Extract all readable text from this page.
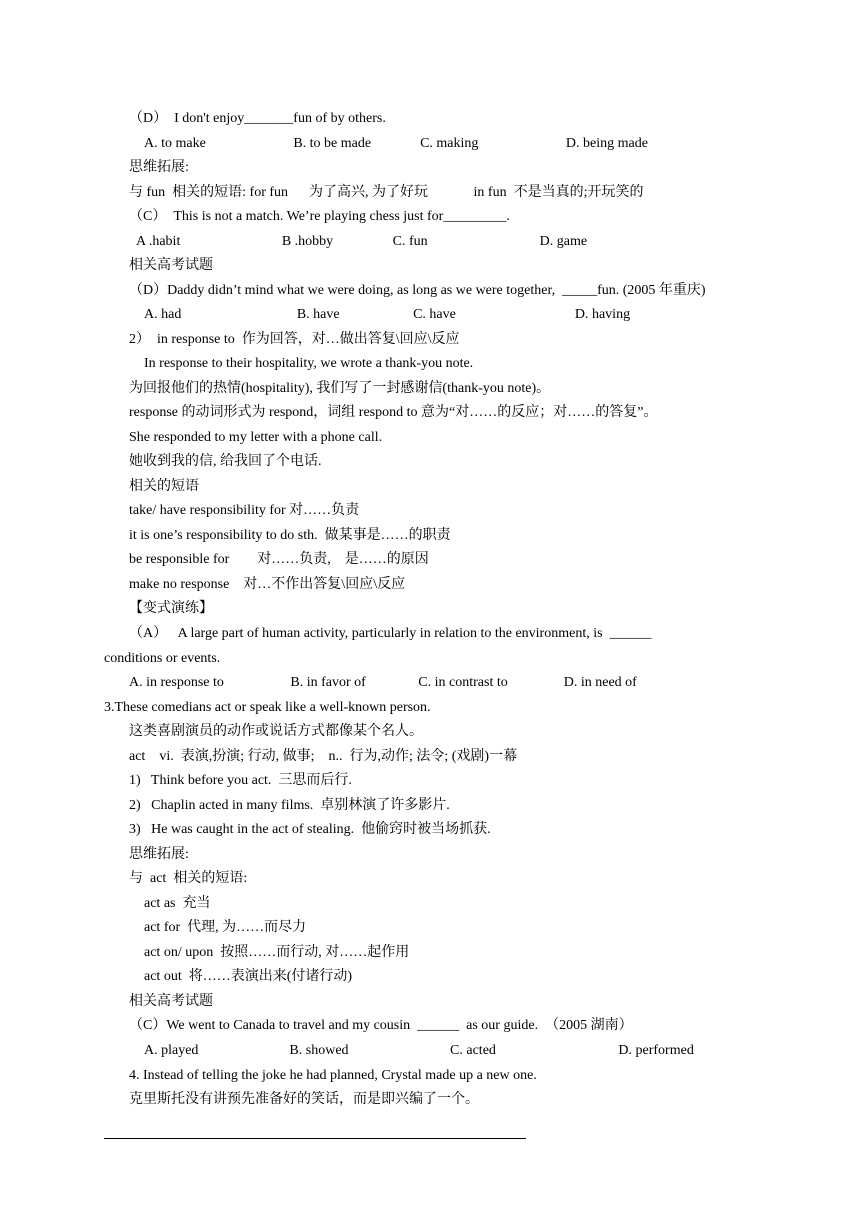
（D）  I don't enjoy_______fun of by others.
A. to make                         B. to be made              C. making                         D. being made
思维拓展:
与 fun  相关的短语: for fun      为了高兴, 为了好玩             in fun  不是当真的;开玩笑的
（C）  This is not a match. We’re playing chess just for_________.
A .habit                             B .hobby                 C. fun                                D. game
相关高考试题
（D）Daddy didn’t mind what we were doing, as long as we were together,  _____fun. (2005 年重庆)
A. had                                 B. have                     C. have                                  D. having
2）  in response to  作为回答，对…做出答复\回应\反应
In response to their hospitality, we wrote a thank-you note.
为回报他们的热情(hospitality), 我们写了一封感谢信(thank-you note)。
response 的动词形式为 respond，词组 respond to 意为“对……的反应；对……的答复”。
She responded to my letter with a phone call.
她收到我的信, 给我回了个电话.
相关的短语
take/ have responsibility for 对……负责
it is one’s responsibility to do sth.  做某事是……的职责
be responsible for        对……负责,    是……的原因
make no response    对…不作出答复\回应\反应
【变式演练】
（A）   A large part of human activity, particularly in relation to the environment, is  ______
conditions or events.
A. in response to                   B. in favor of               C. in contrast to                D. in need of
3.These comedians act or speak like a well-known person.
这类喜剧演员的动作或说话方式都像某个名人。
act    vi.  表演,扮演; 行动, 做事;    n..  行为,动作; 法令; (戏剧)一幕
1)   Think before you act.  三思而后行.
2)   Chaplin acted in many films.  卓别林演了许多影片.
3)   He was caught in the act of stealing.  他偷窍时被当场抓获.
思维拓展:
与  act  相关的短语:
act as  充当
act for  代理, 为……而尽力
act on/ upon  按照……而行动, 对……起作用
act out  将……表演出来(付诸行动)
相关高考试题
（C）We went to Canada to travel and my cousin  ______  as our guide.  （2005 湖南）
A. played                          B. showed                             C. acted                                   D. performed
4. Instead of telling the joke he had planned, Crystal made up a new one.
克里斯托没有讲预先准备好的笑话，而是即兴编了一个。
